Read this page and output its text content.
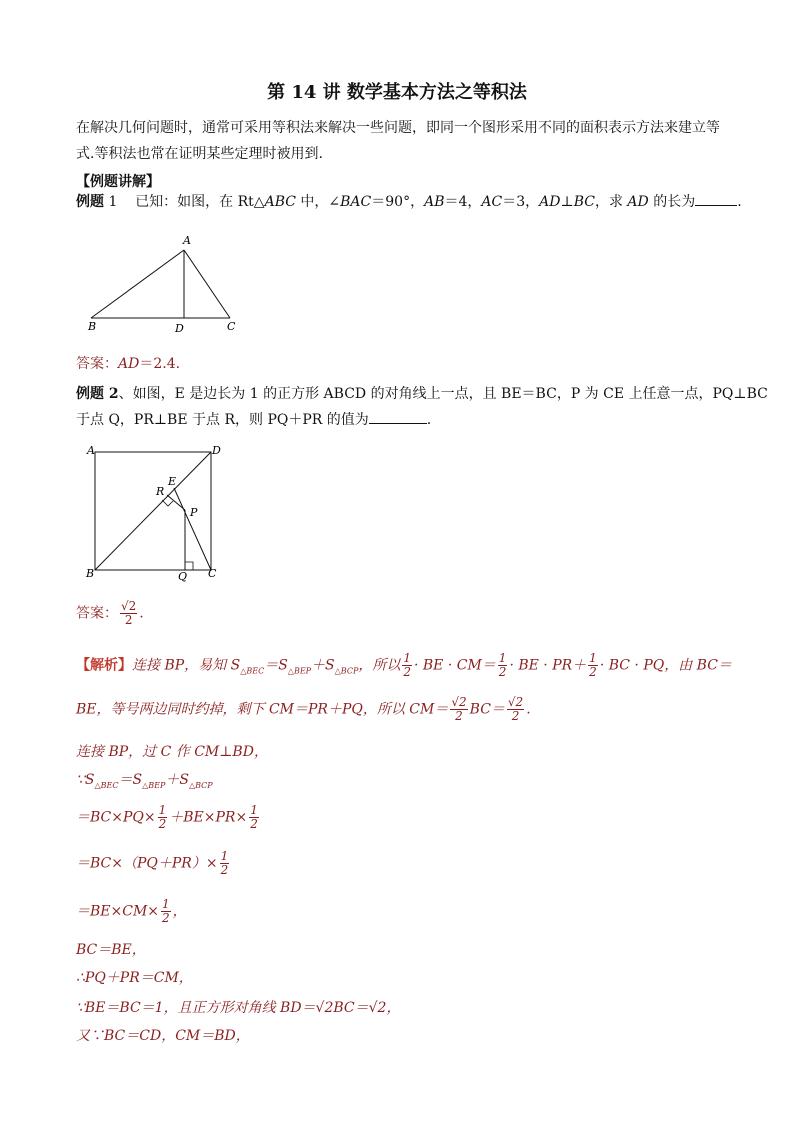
第 14 讲 数学基本方法之等积法
在解决几何问题时，通常可采用等积法来解决一些问题，即同一个图形采用不同的面积表示方法来建立等
式.等积法也常在证明某些定理时被用到.
【例题讲解】
例题 1 已知：如图，在 Rt△ABC 中，∠BAC＝90°，AB＝4，AC＝3，AD⊥BC，求 AD 的长为	.
A
B	D	C
答案：AD＝2.4.
例题 2、如图，E 是边长为 1 的正方形 ABCD 的对角线上一点，且 BE＝BC，P 为 CE 上任意一点，PQ⊥BC
于点 Q，PR⊥BE 于点 R，则 PQ＋PR 的值为	.
A	D
E
R
P
B	Q C
答案： $\frac{√2}{2}$ .
【解析】连接 BP，易知 $S_{\triangle BEC}=S_{\triangle BEP}+S_{\triangle BCP}$，所以 $\frac{1}{2}$ · BE · $CM= \frac{1}{2}$ · BE · $PR+ \frac{1}{2}$ · BC · PQ，由 BC＝
BE，等号两边同时约掉，剩下 CM＝PR＋PQ，所以 $CM= \frac{√2}{2} BC= \frac{√2}{2}$ .
连接 BP，过 C 作 CM⊥BD，
$\because S_{\triangle BEC}=S_{\triangle BEP}+S_{\triangle BCP}$
$=BC\times PQ\times \frac{1}{2} +BE\times PR\times \frac{1}{2}$
$=BC\times(PQ+PR)\times \frac{1}{2}$
$=BE\times CM\times \frac{1}{2}$ ，
BC＝BE，
∴PQ＋PR＝CM，
∵BE＝BC＝1，且正方形对角线 BD＝√2BC＝√2，
又∵BC＝CD，CM＝BD，
